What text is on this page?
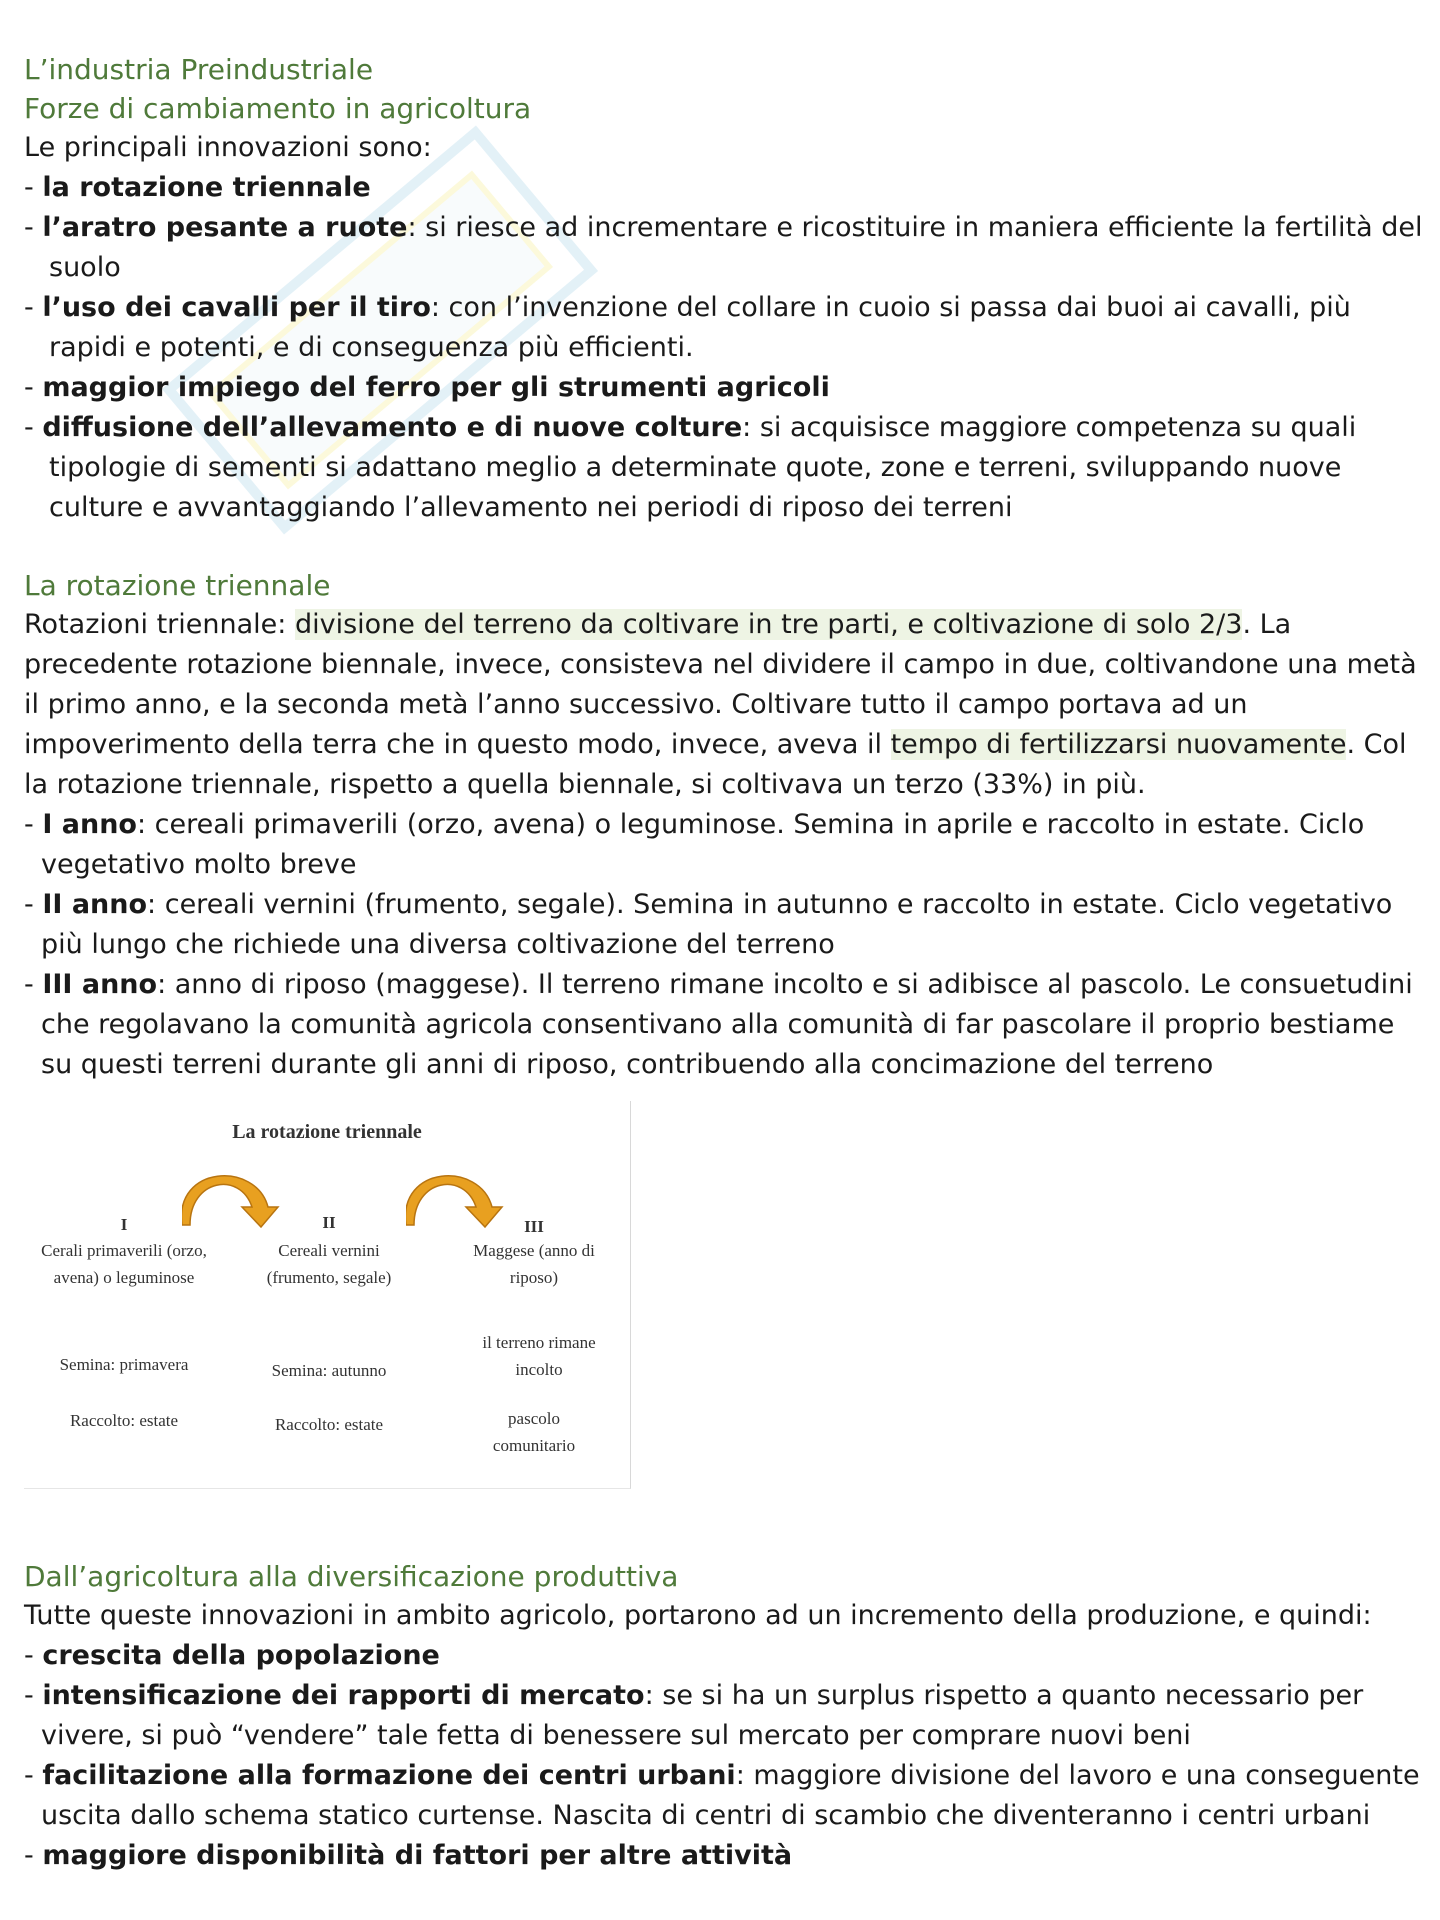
L’industria Preindustriale
Forze di cambiamento in agricoltura

Le principali innovazioni sono:

- la rotazione triennale

- l’aratro pesante a ruote: si riesce ad incrementare e ricostituire in maniera efficiente la fertilità del suolo

- l’uso dei cavalli per il tiro: con l’invenzione del collare in cuoio si passa dai buoi ai cavalli, più rapidi e potenti, e di conseguenza più efficienti.

- maggior impiego del ferro per gli strumenti agricoli

- diffusione dell’allevamento e di nuove colture: si acquisisce maggiore competenza su quali tipologie di sementi si adattano meglio a determinate quote, zone e terreni, sviluppando nuove culture e avvantaggiando l’allevamento nei periodi di riposo dei terreni

La rotazione triennale

Rotazioni triennale: divisione del terreno da coltivare in tre parti, e coltivazione di solo 2/3. La precedente rotazione biennale, invece, consisteva nel dividere il campo in due, coltivandone una metà il primo anno, e la seconda metà l’anno successivo. Coltivare tutto il campo portava ad un impoverimento della terra che in questo modo, invece, aveva il tempo di fertilizzarsi nuovamente. Col la rotazione triennale, rispetto a quella biennale, si coltivava un terzo (33%) in più.

- I anno: cereali primaverili (orzo, avena) o leguminose. Semina in aprile e raccolto in estate. Ciclo vegetativo molto breve

- II anno: cereali vernini (frumento, segale). Semina in autunno e raccolto in estate. Ciclo vegetativo più lungo che richiede una diversa coltivazione del terreno

- III anno: anno di riposo (maggese). Il terreno rimane incolto e si adibisce al pascolo. Le consuetudini che regolavano la comunità agricola consentivano alla comunità di far pascolare il proprio bestiame su questi terreni durante gli anni di riposo, contribuendo alla concimazione del terreno

La rotazione triennale
I
Cerali primaverili (orzo, avena) o leguminose
Semina: primavera
Raccolto: estate
II
Cereali vernini (frumento, segale)
Semina: autunno
Raccolto: estate
III
Maggese (anno di riposo)
il terreno rimane incolto
pascolo comunitario
Dall’agricoltura alla diversificazione produttiva

Tutte queste innovazioni in ambito agricolo, portarono ad un incremento della produzione, e quindi:

- crescita della popolazione

- intensificazione dei rapporti di mercato: se si ha un surplus rispetto a quanto necessario per vivere, si può “vendere” tale fetta di benessere sul mercato per comprare nuovi beni

- facilitazione alla formazione dei centri urbani: maggiore divisione del lavoro e una conseguente uscita dallo schema statico curtense. Nascita di centri di scambio che diventeranno i centri urbani

- maggiore disponibilità di fattori per altre attività
